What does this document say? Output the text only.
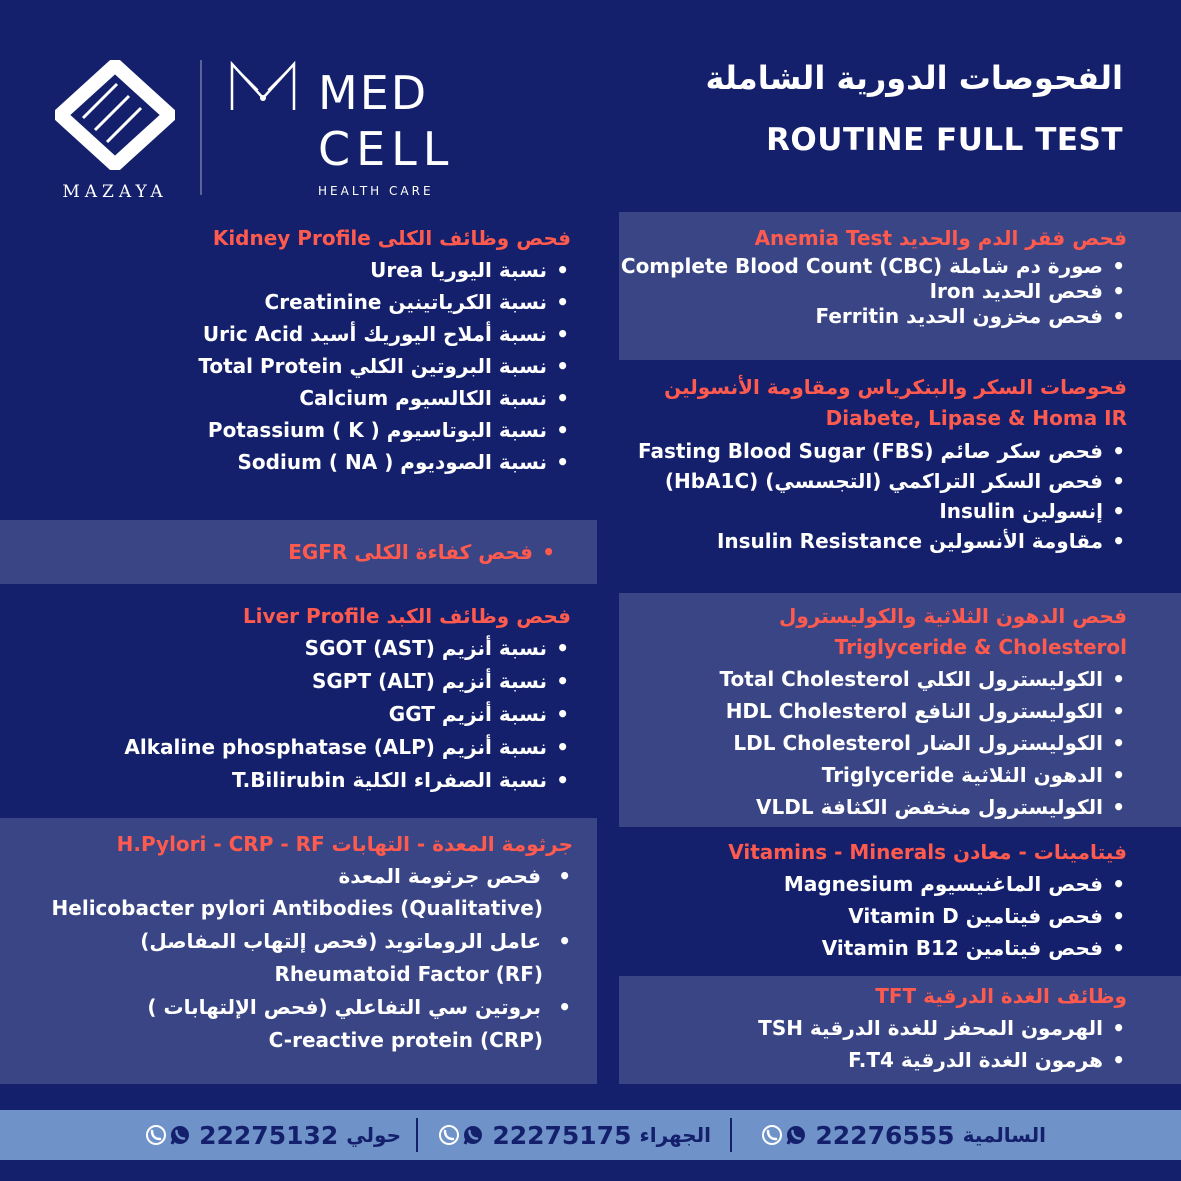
MAZAYA
MED
CELL
HEALTH CARE
الفحوصات الدورية الشاملة
ROUTINE FULL TEST
فحص وظائف الكلى Kidney Profile
• نسبة اليوريا Urea
• نسبة الكرياتينين Creatinine
• نسبة أملاح اليوريك أسيد Uric Acid
• نسبة البروتين الكلي Total Protein
• نسبة الكالسيوم Calcium
• نسبة البوتاسيوم ( K ) Potassium
• نسبة الصوديوم ( NA ) Sodium
• فحص كفاءة الكلى EGFR
فحص وظائف الكبد Liver Profile
• نسبة أنزيم (SGOT (AST
• نسبة أنزيم (SGPT (ALT
• نسبة أنزيم GGT
• نسبة أنزيم (Alkaline phosphatase (ALP
• نسبة الصفراء الكلية T.Bilirubin
جرثومة المعدة - التهابات H.Pylori - CRP - RF
• فحص جرثومة المعدة
Helicobacter pylori Antibodies (Qualitative)
• عامل الروماتويد (فحص إلتهاب المفاصل)
Rheumatoid Factor (RF)
• بروتين سي التفاعلي (فحص الإلتهابات )
C-reactive protein (CRP)
فحص فقر الدم والحديد Anemia Test
• صورة دم شاملة (Complete Blood Count (CBC
• فحص الحديد Iron
• فحص مخزون الحديد Ferritin
فحوصات السكر والبنكرياس ومقاومة الأنسولين
Diabete, Lipase & Homa IR
• فحص سكر صائم (Fasting Blood Sugar (FBS
• فحص السكر التراكمي (التجسسي) (HbA1C)
• إنسولين Insulin
• مقاومة الأنسولين Insulin Resistance
فحص الدهون الثلاثية والكوليسترول
Triglyceride & Cholesterol
• الكوليسترول الكلي Total Cholesterol
• الكوليسترول النافع HDL Cholesterol
• الكوليسترول الضار LDL Cholesterol
• الدهون الثلاثية Triglyceride
• الكوليسترول منخفض الكثافة VLDL
فيتامينات - معادن Vitamins - Minerals
• فحص الماغنيسيوم Magnesium
• فحص فيتامين Vitamin D
• فحص فيتامين Vitamin B12
وظائف الغدة الدرقية TFT
• الهرمون المحفز للغدة الدرقية TSH
• هرمون الغدة الدرقية F.T4
السالمية
22276555
الجهراء
22275175
حولي
22275132
